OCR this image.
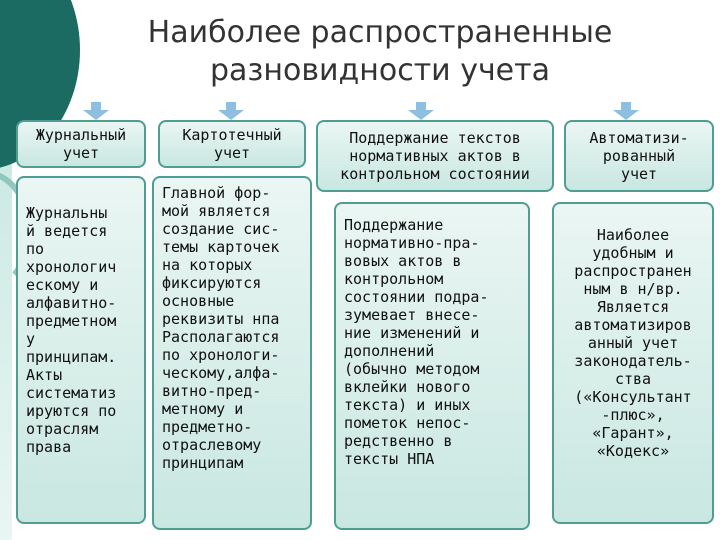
Наиболее распространенные
разновидности учета
Журнальный
учет
Картотечный
учет
Поддержание текстов
нормативных актов в
контрольном состоянии
Автоматизи-
рованный
учет
Журнальны
й ведется
по
хронологич
ескому и
алфавитно-
предметном
у
принципам.
Акты
систематиз
ируются по
отраслям
права
Главной фор-
мой является
создание сис-
темы карточек
на которых
фиксируются
основные
реквизиты нпа
Располагаются
по хронологи-
ческому,алфа-
витно-пред-
метному и
предметно-
отраслевому
принципам
Поддержание
нормативно-пра-
вовых актов в
контрольном
состоянии подра-
зумевает внесе-
ние изменений и
дополнений
(обычно методом
вклейки нового
текста) и иных
пометок непос-
редственно в
тексты НПА
Наиболее
удобным и
распространен
ным в н/вр.
Является
автоматизиров
анный учет
законодатель-
ства
(«Консультант
-плюс»,
«Гарант»,
«Кодекс»
